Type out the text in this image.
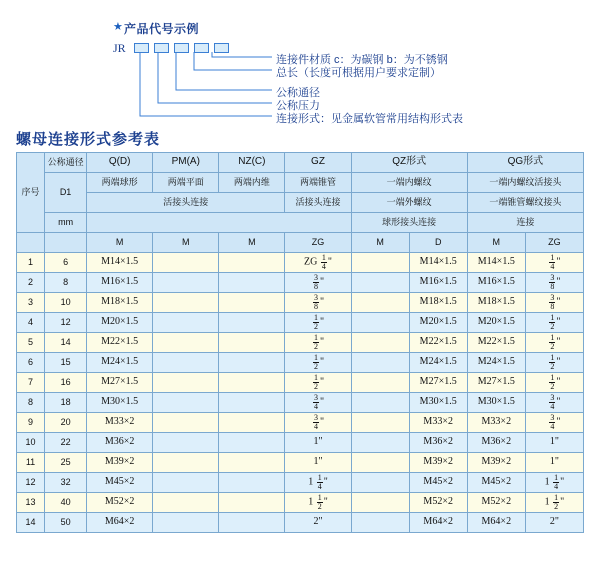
★ 产品代号示例
JR
连接件材质 c：为碳钢 b：为不锈钢
总长（长度可根据用户要求定制）
公称通径
公称压力
连接形式：见金属软管常用结构形式表
螺母连接形式参考表
序号	公称通径	Q(D)	PM(A)	NZ(C)	GZ	QZ形式		QG形式	
	D1	两端球形	两端平面	两端内维	两端锥管	一端内螺纹		一端内螺纹活接头	
		活接头连接			活接头连接	一端外螺纹		一端锥管螺纹接头	
	mm					球形接头连接		连接	
		M	M	M	ZG	M	D	M	ZG
1	6	M14×1.5			ZG $\frac{1}{4}$ "		M14×1.5	M14×1.5	$\frac{1}{4}$ "
2	8	M16×1.5			$\frac{3}{8}$ "		M16×1.5	M16×1.5	$\frac{3}{8}$ "
3	10	M18×1.5			$\frac{3}{8}$ "		M18×1.5	M18×1.5	$\frac{3}{8}$ "
4	12	M20×1.5			$\frac{1}{2}$ "		M20×1.5	M20×1.5	$\frac{1}{2}$ "
5	14	M22×1.5			$\frac{1}{2}$ "		M22×1.5	M22×1.5	$\frac{1}{2}$ "
6	15	M24×1.5			$\frac{1}{2}$ "		M24×1.5	M24×1.5	$\frac{1}{2}$ "
7	16	M27×1.5			$\frac{1}{2}$ "		M27×1.5	M27×1.5	$\frac{1}{2}$ "
8	18	M30×1.5			$\frac{3}{4}$ "		M30×1.5	M30×1.5	$\frac{3}{4}$ "
9	20	M33×2			$\frac{3}{4}$ "		M33×2	M33×2	$\frac{3}{4}$ "
10	22	M36×2			1"		M36×2	M36×2	1"
11	25	M39×2			1"		M39×2	M39×2	1"
12	32	M45×2			$1 \frac{1}{4}$ "		M45×2	M45×2	$1 \frac{1}{4}$ "
13	40	M52×2			$1 \frac{1}{2}$ "		M52×2	M52×2	$1 \frac{1}{2}$ "
14	50	M64×2			2"		M64×2	M64×2	2"
